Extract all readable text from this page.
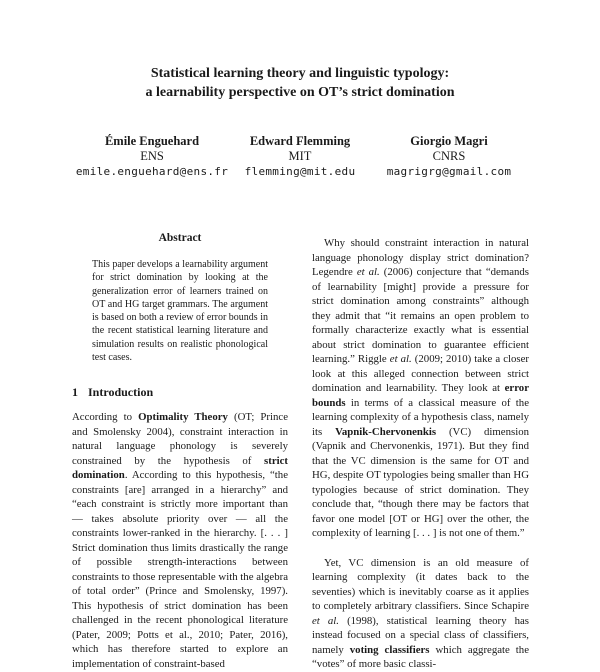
Statistical learning theory and linguistic typology:
a learnability perspective on OT’s strict domination
Émile Enguehard
ENS
emile.enguehard@ens.fr
Edward Flemming
MIT
flemming@mit.edu
Giorgio Magri
CNRS
magrigrg@gmail.com
Abstract
This paper develops a learnability argument for strict domination by looking at the generalization error of learners trained on OT and HG target grammars. The argument is based on both a review of error bounds in the recent statistical learning literature and simulation results on realistic phonological test cases.
1 Introduction

According to Optimality Theory (OT; Prince and Smolensky 2004), constraint interaction in natural language phonology is severely constrained by the hypothesis of strict domination. According to this hypothesis, “the constraints [are] arranged in a hierarchy” and “each constraint is strictly more important than — takes absolute priority over — all the constraints lower-ranked in the hierarchy. [. . . ] Strict domination thus limits drastically the range of possible strength-interactions between constraints to those representable with the algebra of total order” (Prince and Smolensky, 1997). This hypothesis of strict domination has been challenged in the recent phonological literature (Pater, 2009; Potts et al., 2010; Pater, 2016), which has therefore started to explore an implementation of constraint-based

Why should constraint interaction in natural language phonology display strict domination? Legendre et al. (2006) conjecture that “demands of learnability [might] provide a pressure for strict domination among constraints” although they admit that “it remains an open problem to formally characterize exactly what is essential about strict domination to guarantee efficient learning.” Riggle et al. (2009; 2010) take a closer look at this alleged connection between strict domination and learnability. They look at error bounds in terms of a classical measure of the learning complexity of a hypothesis class, namely its Vapnik-Chervonenkis (VC) dimension (Vapnik and Chervonenkis, 1971). But they find that the VC dimension is the same for OT and HG, despite OT typologies being smaller than HG typologies because of strict domination. They conclude that, “though there may be factors that favor one model [OT or HG] over the other, the complexity of learning [. . . ] is not one of them.”

Yet, VC dimension is an old measure of learning complexity (it dates back to the seventies) which is inevitably coarse as it applies to completely arbitrary classifiers. Since Schapire et al. (1998), statistical learning theory has instead focused on a special class of classifiers, namely voting classifiers which aggregate the “votes” of more basic classi-
